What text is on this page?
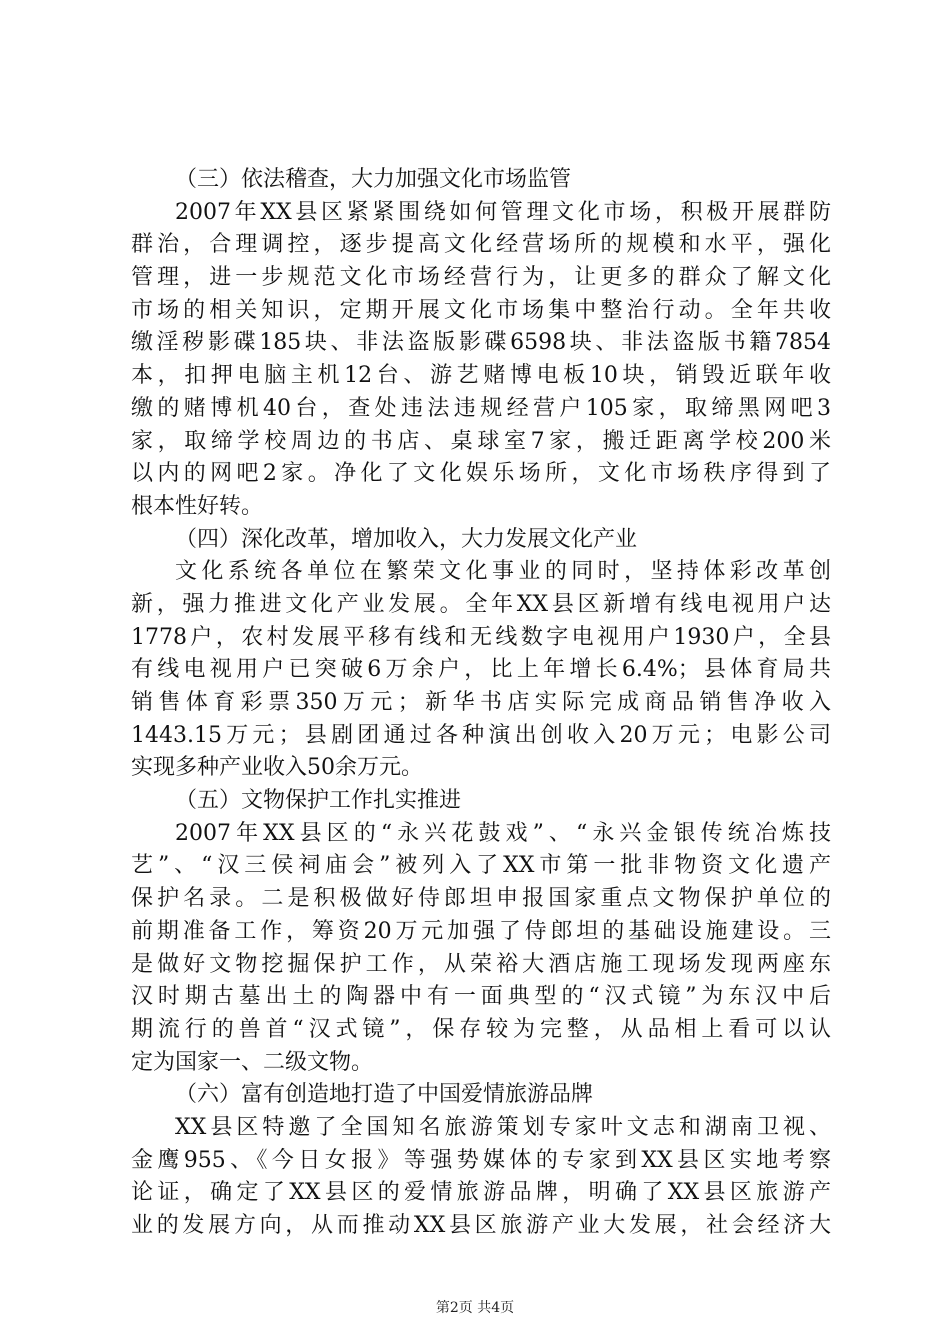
（三）依法稽查，大力加强文化市场监管
2007年XX县区紧紧围绕如何管理文化市场，积极开展群防
群治，合理调控，逐步提高文化经营场所的规模和水平，强化
管理，进一步规范文化市场经营行为，让更多的群众了解文化
市场的相关知识，定期开展文化市场集中整治行动。全年共收
缴淫秽影碟185块、非法盗版影碟6598块、非法盗版书籍7854
本，扣押电脑主机12台、游艺赌博电板10块，销毁近联年收
缴的赌博机40台，查处违法违规经营户105家，取缔黑网吧3
家，取缔学校周边的书店、桌球室7家，搬迁距离学校200米
以内的网吧2家。净化了文化娱乐场所，文化市场秩序得到了
根本性好转。
（四）深化改革，增加收入，大力发展文化产业
文化系统各单位在繁荣文化事业的同时，坚持体彩改革创
新，强力推进文化产业发展。全年XX县区新增有线电视用户达
1778户，农村发展平移有线和无线数字电视用户1930户，全县
有线电视用户已突破6万余户，比上年增长6.4%；县体育局共
销售体育彩票350万元；新华书店实际完成商品销售净收入
1443.15万元；县剧团通过各种演出创收入20万元；电影公司
实现多种产业收入50余万元。
（五）文物保护工作扎实推进
2007年XX县区的“永兴花鼓戏”、“永兴金银传统冶炼技
艺”、“汉三侯祠庙会”被列入了XX市第一批非物资文化遗产
保护名录。二是积极做好侍郎坦申报国家重点文物保护单位的
前期准备工作，筹资20万元加强了侍郎坦的基础设施建设。三
是做好文物挖掘保护工作，从荣裕大酒店施工现场发现两座东
汉时期古墓出土的陶器中有一面典型的“汉式镜”为东汉中后
期流行的兽首“汉式镜”，保存较为完整，从品相上看可以认
定为国家一、二级文物。
（六）富有创造地打造了中国爱情旅游品牌
XX县区特邀了全国知名旅游策划专家叶文志和湖南卫视、
金鹰955、《今日女报》等强势媒体的专家到XX县区实地考察
论证，确定了XX县区的爱情旅游品牌，明确了XX县区旅游产
业的发展方向，从而推动XX县区旅游产业大发展，社会经济大
第2页 共4页
